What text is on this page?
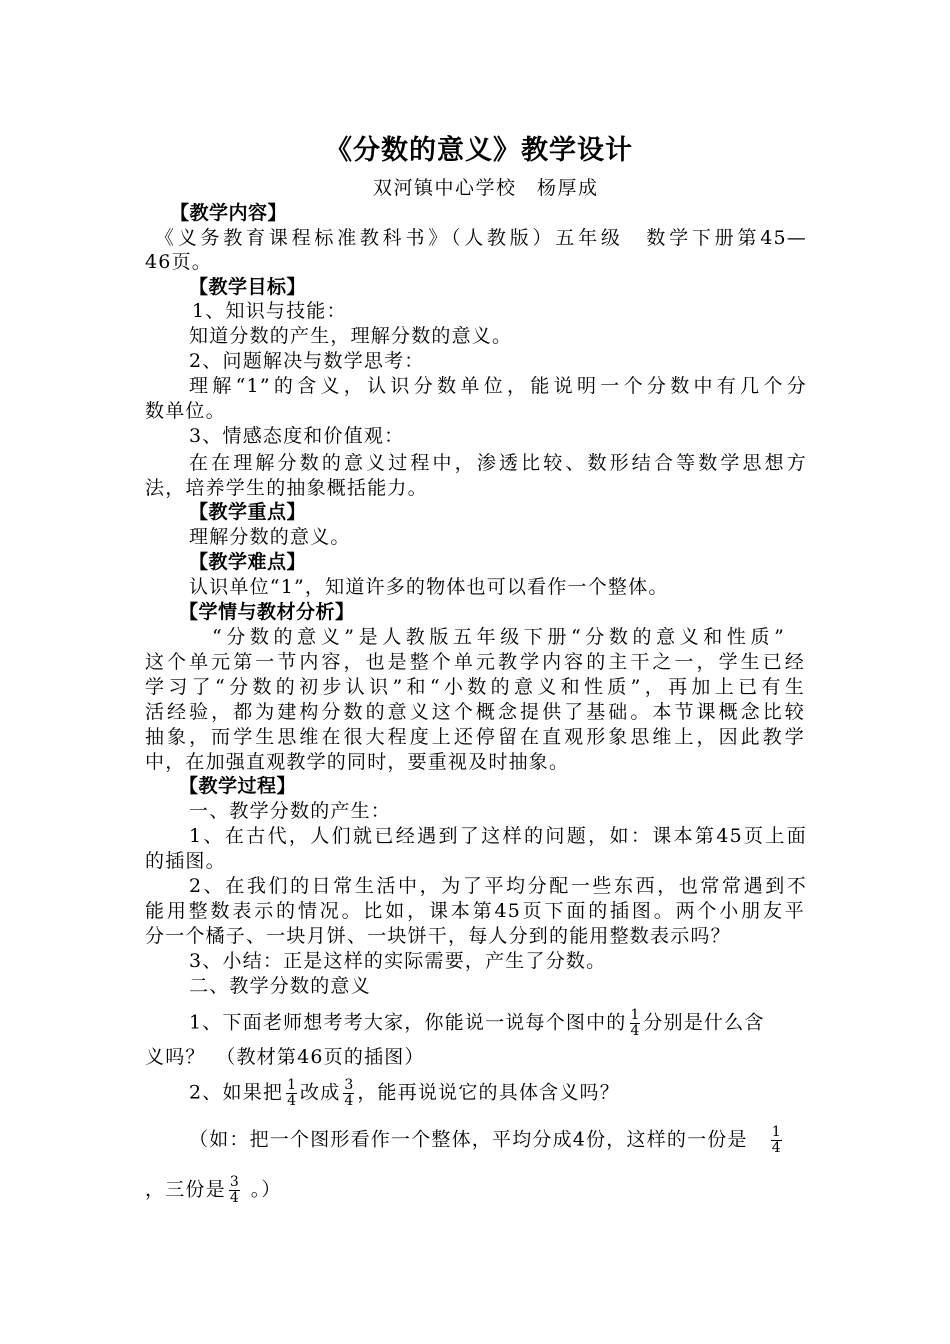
《分数的意义》教学设计
双河镇中心学校　杨厚成
【教学内容】
《义务教育课程标准教科书》（人教版）五年级　数学下册第45—
46页。
【教学目标】
1、知识与技能：
知道分数的产生，理解分数的意义。
2、问题解决与数学思考：
理解“1”的含义，认识分数单位，能说明一个分数中有几个分
数单位。
3、情感态度和价值观：
在在理解分数的意义过程中，渗透比较、数形结合等数学思想方
法，培养学生的抽象概括能力。
【教学重点】
理解分数的意义。
【教学难点】
认识单位“1”，知道许多的物体也可以看作一个整体。
【学情与教材分析】
“分数的意义”是人教版五年级下册“分数的意义和性质”
这个单元第一节内容，也是整个单元教学内容的主干之一，学生已经
学习了“分数的初步认识”和“小数的意义和性质”，再加上已有生
活经验，都为建构分数的意义这个概念提供了基础。本节课概念比较
抽象，而学生思维在很大程度上还停留在直观形象思维上，因此教学
中，在加强直观教学的同时，要重视及时抽象。
【教学过程】
一、教学分数的产生：
1、在古代，人们就已经遇到了这样的问题，如：课本第45页上面
的插图。
2、在我们的日常生活中，为了平均分配一些东西，也常常遇到不
能用整数表示的情况。比如，课本第45页下面的插图。两个小朋友平
分一个橘子、一块月饼、一块饼干，每人分到的能用整数表示吗？
3、小结：正是这样的实际需要，产生了分数。
二、教学分数的意义
1、下面老师想考考大家，你能说一说每个图中的 $\frac{1}{4}$ 分别是什么含
义吗？　（教材第46页的插图）
2、如果把 $\frac{1}{4}$ 改成 $\frac{3}{4}$ ，能再说说它的具体含义吗？
（如：把一个图形看作一个整体，平均分成4份，这样的一份是 $\frac{1}{4}$
，三份是 $\frac{3}{4}$ 。）
